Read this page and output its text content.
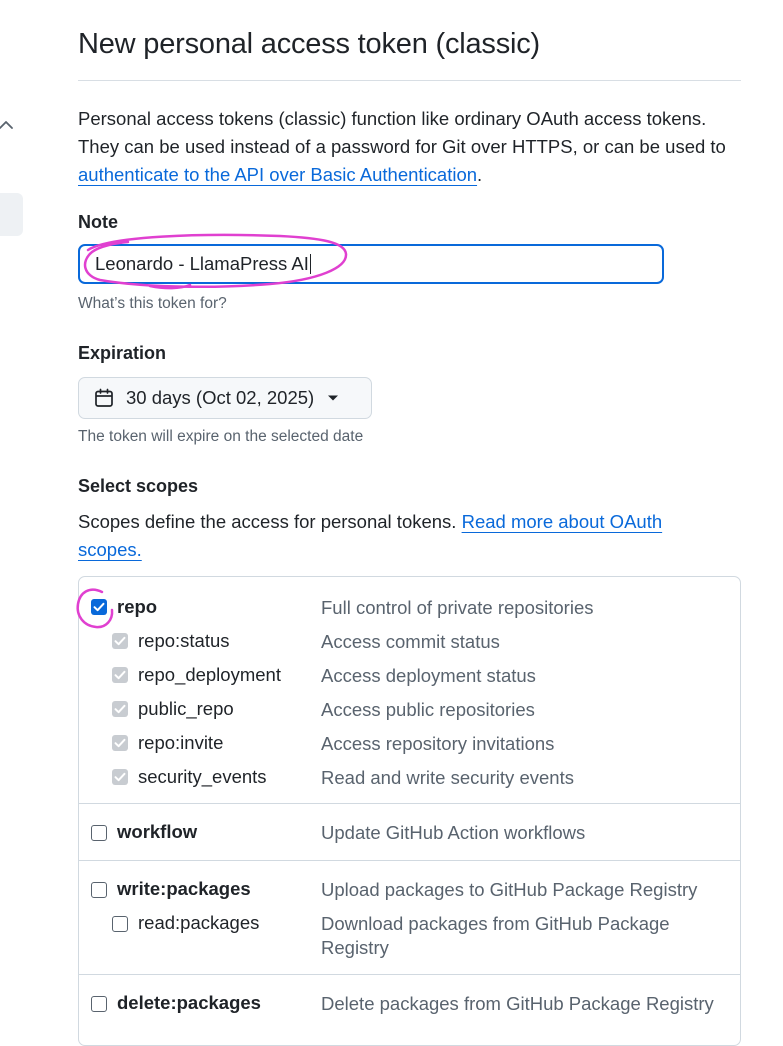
New personal access token (classic)

Personal access tokens (classic) function like ordinary OAuth access tokens. They can be used instead of a password for Git over HTTPS, or can be used to authenticate to the API over Basic Authentication.

Note
Leonardo - LlamaPress AI
What’s this token for?
Expiration
30 days (Oct 02, 2025)
The token will expire on the selected date
Select scopes

Scopes define the access for personal tokens. Read more about OAuth scopes.

repo	Full control of private repositories
repo:status	Access commit status
repo_deployment Access deployment status
public_repo	Access public repositories
repo:invite	Access repository invitations
security_events	Read and write security events
workflow	Update GitHub Action workflows
write:packages	Upload packages to GitHub Package Registry
read:packages	Download packages from GitHub Package Registry
delete:packages	Delete packages from GitHub Package Registry
